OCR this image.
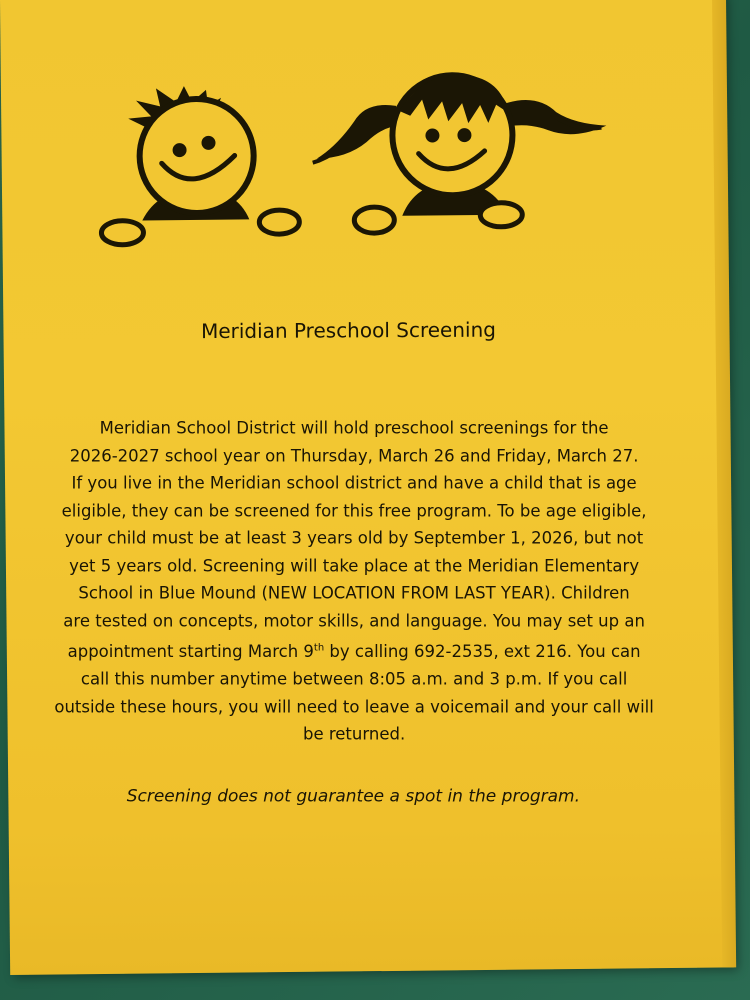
Meridian Preschool Screening
Meridian School District will hold preschool screenings for the
2026-2027 school year on Thursday, March 26 and Friday, March 27.
If you live in the Meridian school district and have a child that is age
eligible, they can be screened for this free program. To be age eligible,
your child must be at least 3 years old by September 1, 2026, but not
yet 5 years old. Screening will take place at the Meridian Elementary
School in Blue Mound (NEW LOCATION FROM LAST YEAR). Children
are tested on concepts, motor skills, and language. You may set up an
appointment starting March 9th by calling 692-2535, ext 216. You can
call this number anytime between 8:05 a.m. and 3 p.m. If you call
outside these hours, you will need to leave a voicemail and your call will
be returned.
Screening does not guarantee a spot in the program.
